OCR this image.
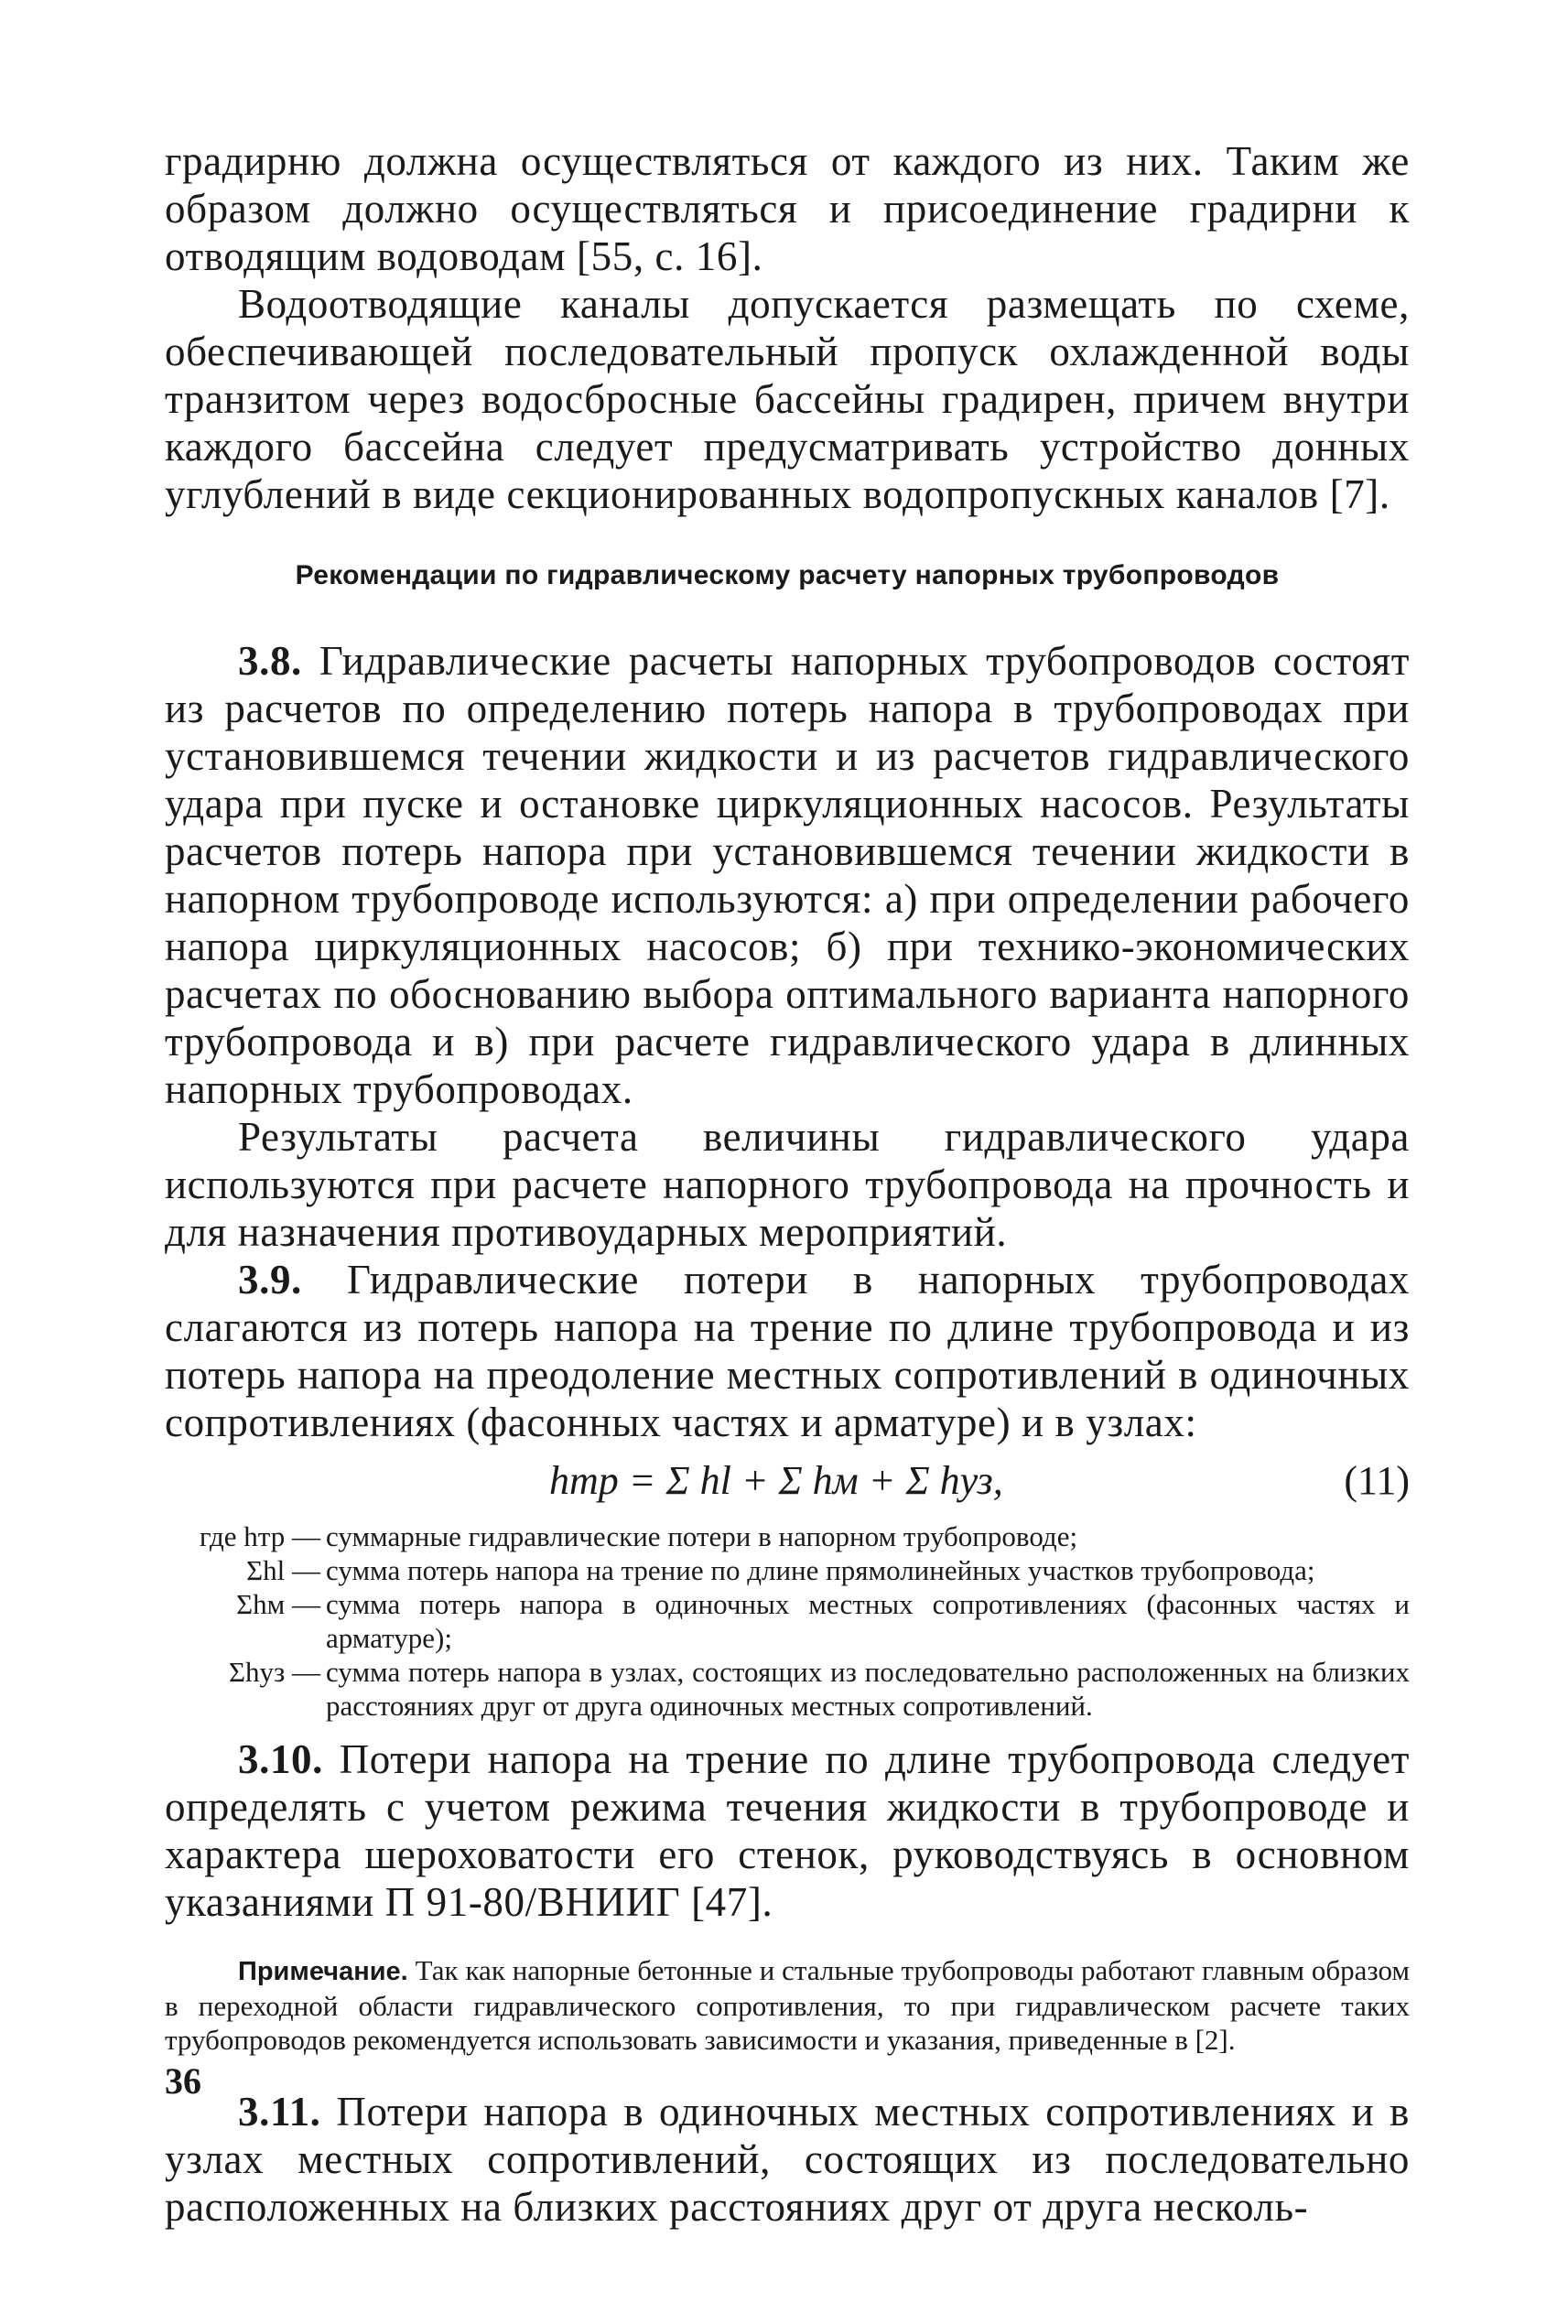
градирню должна осуществляться от каждого из них. Таким же образом должно осуществляться и присоединение градирни к отводящим водоводам [55, с. 16].

Водоотводящие каналы допускается размещать по схеме, обеспечивающей последовательный пропуск охлажденной воды транзитом через водосбросные бассейны градирен, причем внутри каждого бассейна следует предусматривать устройство донных углублений в виде секционированных водопропускных каналов [7].

Рекомендации по гидравлическому расчету напорных трубопроводов

3.8. Гидравлические расчеты напорных трубопроводов состоят из расчетов по определению потерь напора в трубопроводах при установившемся течении жидкости и из расчетов гидравлического удара при пуске и остановке циркуляционных насосов. Результаты расчетов потерь напора при установившемся течении жидкости в напорном трубопроводе используются: а) при определении рабочего напора циркуляционных насосов; б) при технико-экономических расчетах по обоснованию выбора оптимального варианта напорного трубопровода и в) при расчете гидравлического удара в длинных напорных трубопроводах.

Результаты расчета величины гидравлического удара используются при расчете напорного трубопровода на прочность и для назначения противоударных мероприятий.

3.9. Гидравлические потери в напорных трубопроводах слагаются из потерь напора на трение по длине трубопровода и из потерь напора на преодоление местных сопротивлений в одиночных сопротивлениях (фасонных частях и арматуре) и в узлах:

hтр = Σ hl + Σ hм + Σ hуз,	(11)
где hтр — суммарные гидравлические потери в напорном трубопроводе;
Σhl — сумма потерь напора на трение по длине прямолинейных участков трубопровода;
Σhм — сумма потерь напора в одиночных местных сопротивлениях (фасонных частях и арматуре);
Σhуз — сумма потерь напора в узлах, состоящих из последовательно расположенных на близких расстояниях друг от друга одиночных местных сопротивлений.

3.10. Потери напора на трение по длине трубопровода следует определять с учетом режима течения жидкости в трубопроводе и характера шероховатости его стенок, руководствуясь в основном указаниями П 91-80/ВНИИГ [47].

Примечание. Так как напорные бетонные и стальные трубопроводы работают главным образом в переходной области гидравлического сопротивления, то при гидравлическом расчете таких трубопроводов рекомендуется использовать зависимости и указания, приведенные в [2].

3.11. Потери напора в одиночных местных сопротивлениях и в узлах местных сопротивлений, состоящих из последовательно расположенных на близких расстояниях друг от друга несколь-

36
